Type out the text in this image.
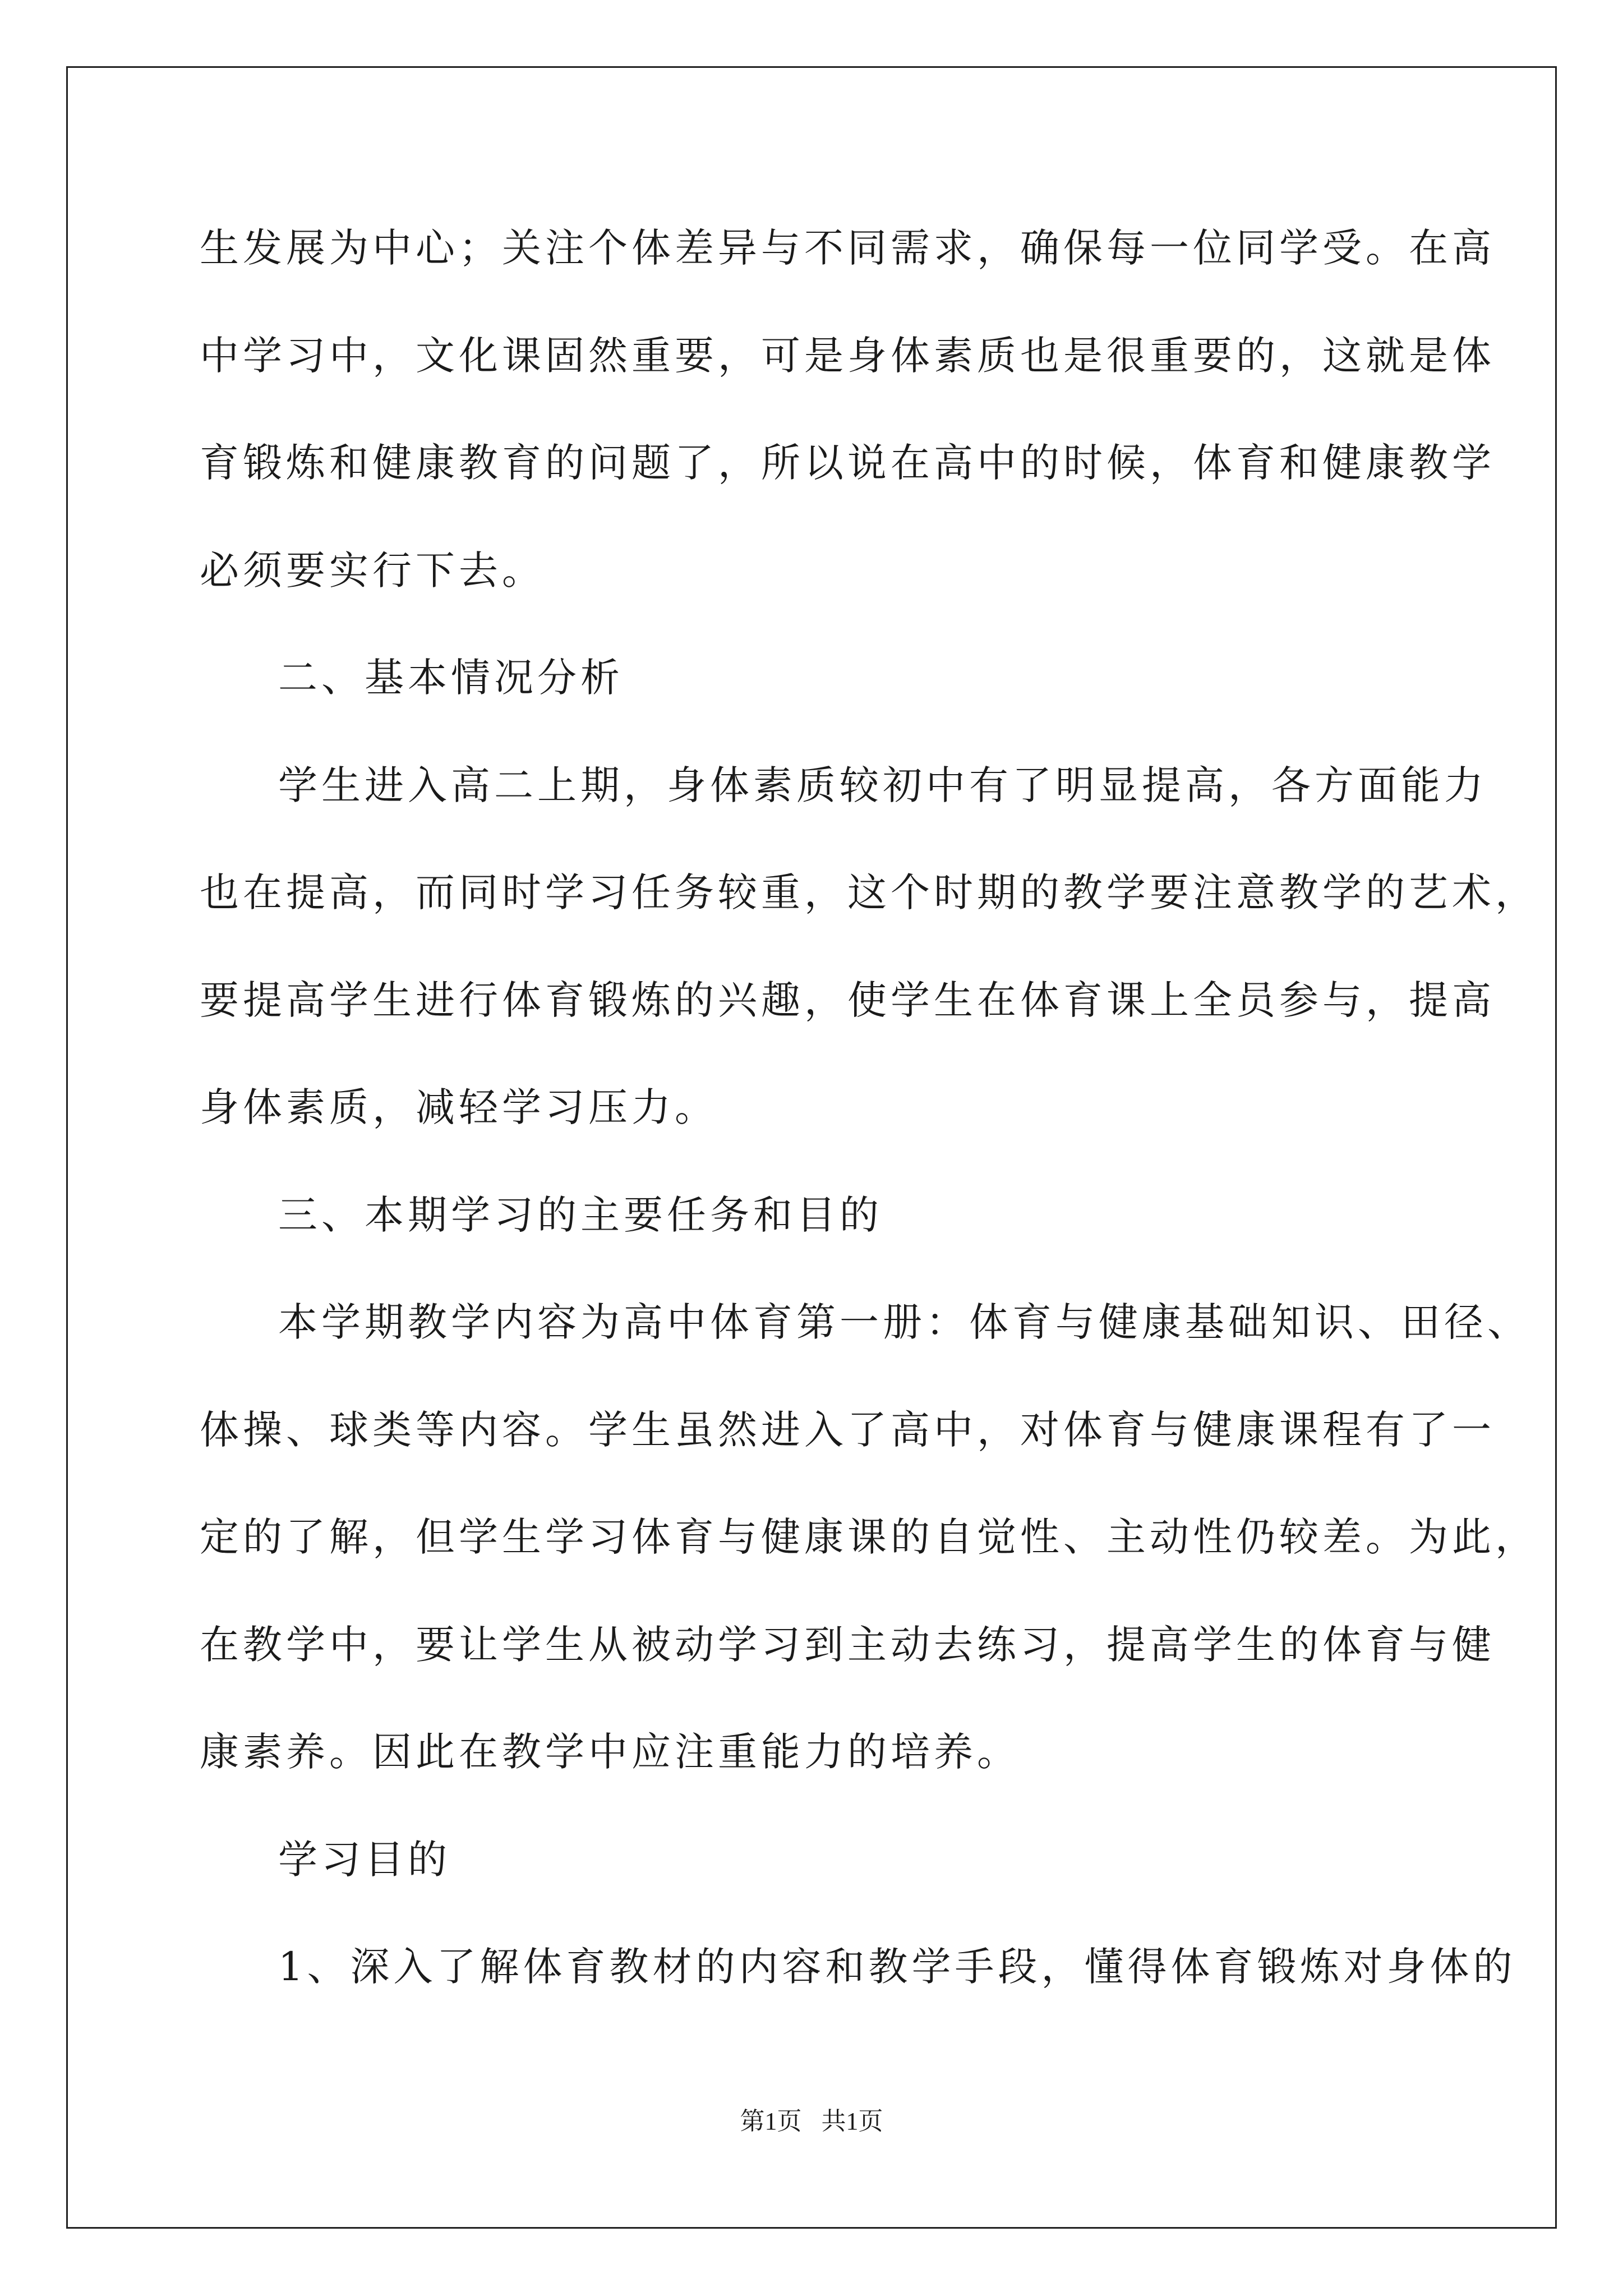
生发展为中心；关注个体差异与不同需求，确保每一位同学受。在高
中学习中，文化课固然重要，可是身体素质也是很重要的，这就是体
育锻炼和健康教育的问题了，所以说在高中的时候，体育和健康教学
必须要实行下去。
二、基本情况分析
学生进入高二上期，身体素质较初中有了明显提高，各方面能力
也在提高，而同时学习任务较重，这个时期的教学要注意教学的艺术，
要提高学生进行体育锻炼的兴趣，使学生在体育课上全员参与，提高
身体素质，减轻学习压力。
三、本期学习的主要任务和目的
本学期教学内容为高中体育第一册：体育与健康基础知识、田径、
体操、球类等内容。学生虽然进入了高中，对体育与健康课程有了一
定的了解，但学生学习体育与健康课的自觉性、主动性仍较差。为此，
在教学中，要让学生从被动学习到主动去练习，提高学生的体育与健
康素养。因此在教学中应注重能力的培养。
学习目的
1、深入了解体育教材的内容和教学手段，懂得体育锻炼对身体的
第1页 共1页
